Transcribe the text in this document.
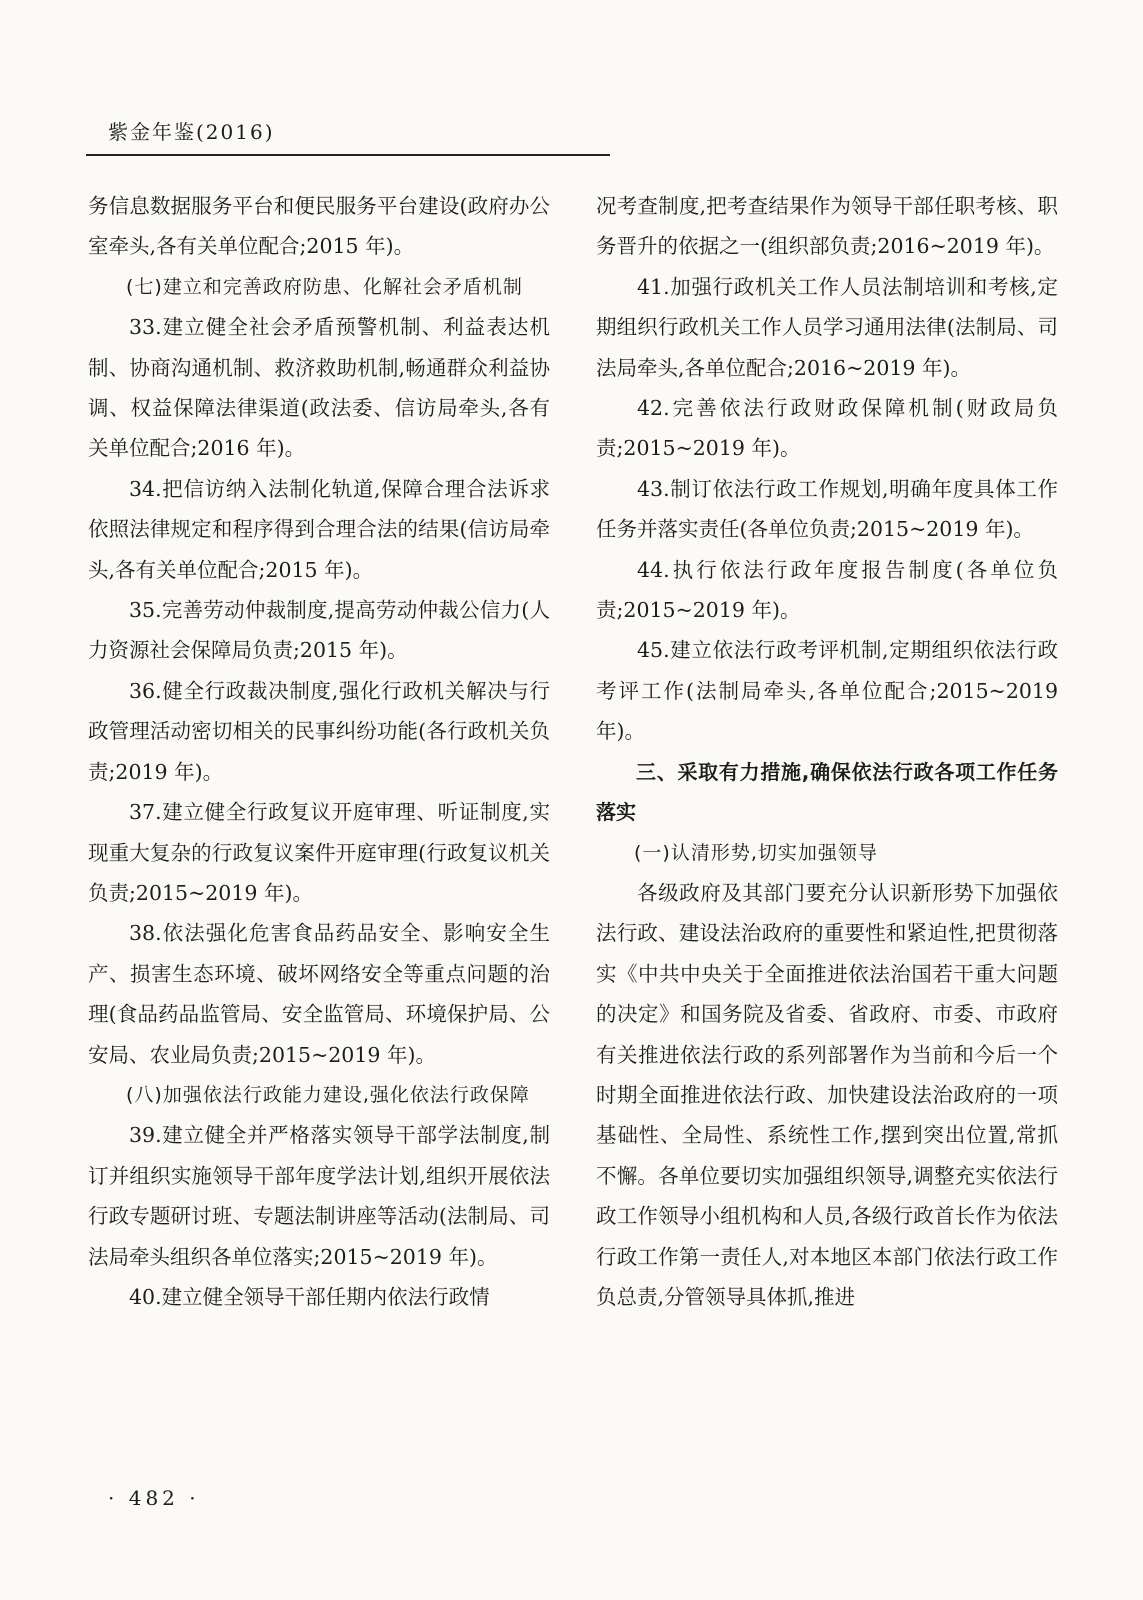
紫金年鉴(2016)

务信息数据服务平台和便民服务平台建设(政府办公室牵头,各有关单位配合;2015 年)。

(七)建立和完善政府防患、化解社会矛盾机制

33.建立健全社会矛盾预警机制、利益表达机制、协商沟通机制、救济救助机制,畅通群众利益协调、权益保障法律渠道(政法委、信访局牵头,各有关单位配合;2016 年)。

34.把信访纳入法制化轨道,保障合理合法诉求依照法律规定和程序得到合理合法的结果(信访局牵头,各有关单位配合;2015 年)。

35.完善劳动仲裁制度,提高劳动仲裁公信力(人力资源社会保障局负责;2015 年)。

36.健全行政裁决制度,强化行政机关解决与行政管理活动密切相关的民事纠纷功能(各行政机关负责;2019 年)。

37.建立健全行政复议开庭审理、听证制度,实现重大复杂的行政复议案件开庭审理(行政复议机关负责;2015~2019 年)。

38.依法强化危害食品药品安全、影响安全生产、损害生态环境、破坏网络安全等重点问题的治理(食品药品监管局、安全监管局、环境保护局、公安局、农业局负责;2015~2019 年)。

(八)加强依法行政能力建设,强化依法行政保障

39.建立健全并严格落实领导干部学法制度,制订并组织实施领导干部年度学法计划,组织开展依法行政专题研讨班、专题法制讲座等活动(法制局、司法局牵头组织各单位落实;2015~2019 年)。

40.建立健全领导干部任期内依法行政情

况考查制度,把考查结果作为领导干部任职考核、职务晋升的依据之一(组织部负责;2016~2019 年)。

41.加强行政机关工作人员法制培训和考核,定期组织行政机关工作人员学习通用法律(法制局、司法局牵头,各单位配合;2016~2019 年)。

42.完善依法行政财政保障机制(财政局负责;2015~2019 年)。

43.制订依法行政工作规划,明确年度具体工作任务并落实责任(各单位负责;2015~2019 年)。

44.执行依法行政年度报告制度(各单位负责;2015~2019 年)。

45.建立依法行政考评机制,定期组织依法行政考评工作(法制局牵头,各单位配合;2015~2019 年)。

三、采取有力措施,确保依法行政各项工作任务落实

(一)认清形势,切实加强领导

各级政府及其部门要充分认识新形势下加强依法行政、建设法治政府的重要性和紧迫性,把贯彻落实《中共中央关于全面推进依法治国若干重大问题的决定》和国务院及省委、省政府、市委、市政府有关推进依法行政的系列部署作为当前和今后一个时期全面推进依法行政、加快建设法治政府的一项基础性、全局性、系统性工作,摆到突出位置,常抓不懈。各单位要切实加强组织领导,调整充实依法行政工作领导小组机构和人员,各级行政首长作为依法行政工作第一责任人,对本地区本部门依法行政工作负总责,分管领导具体抓,推进

· 482 ·
